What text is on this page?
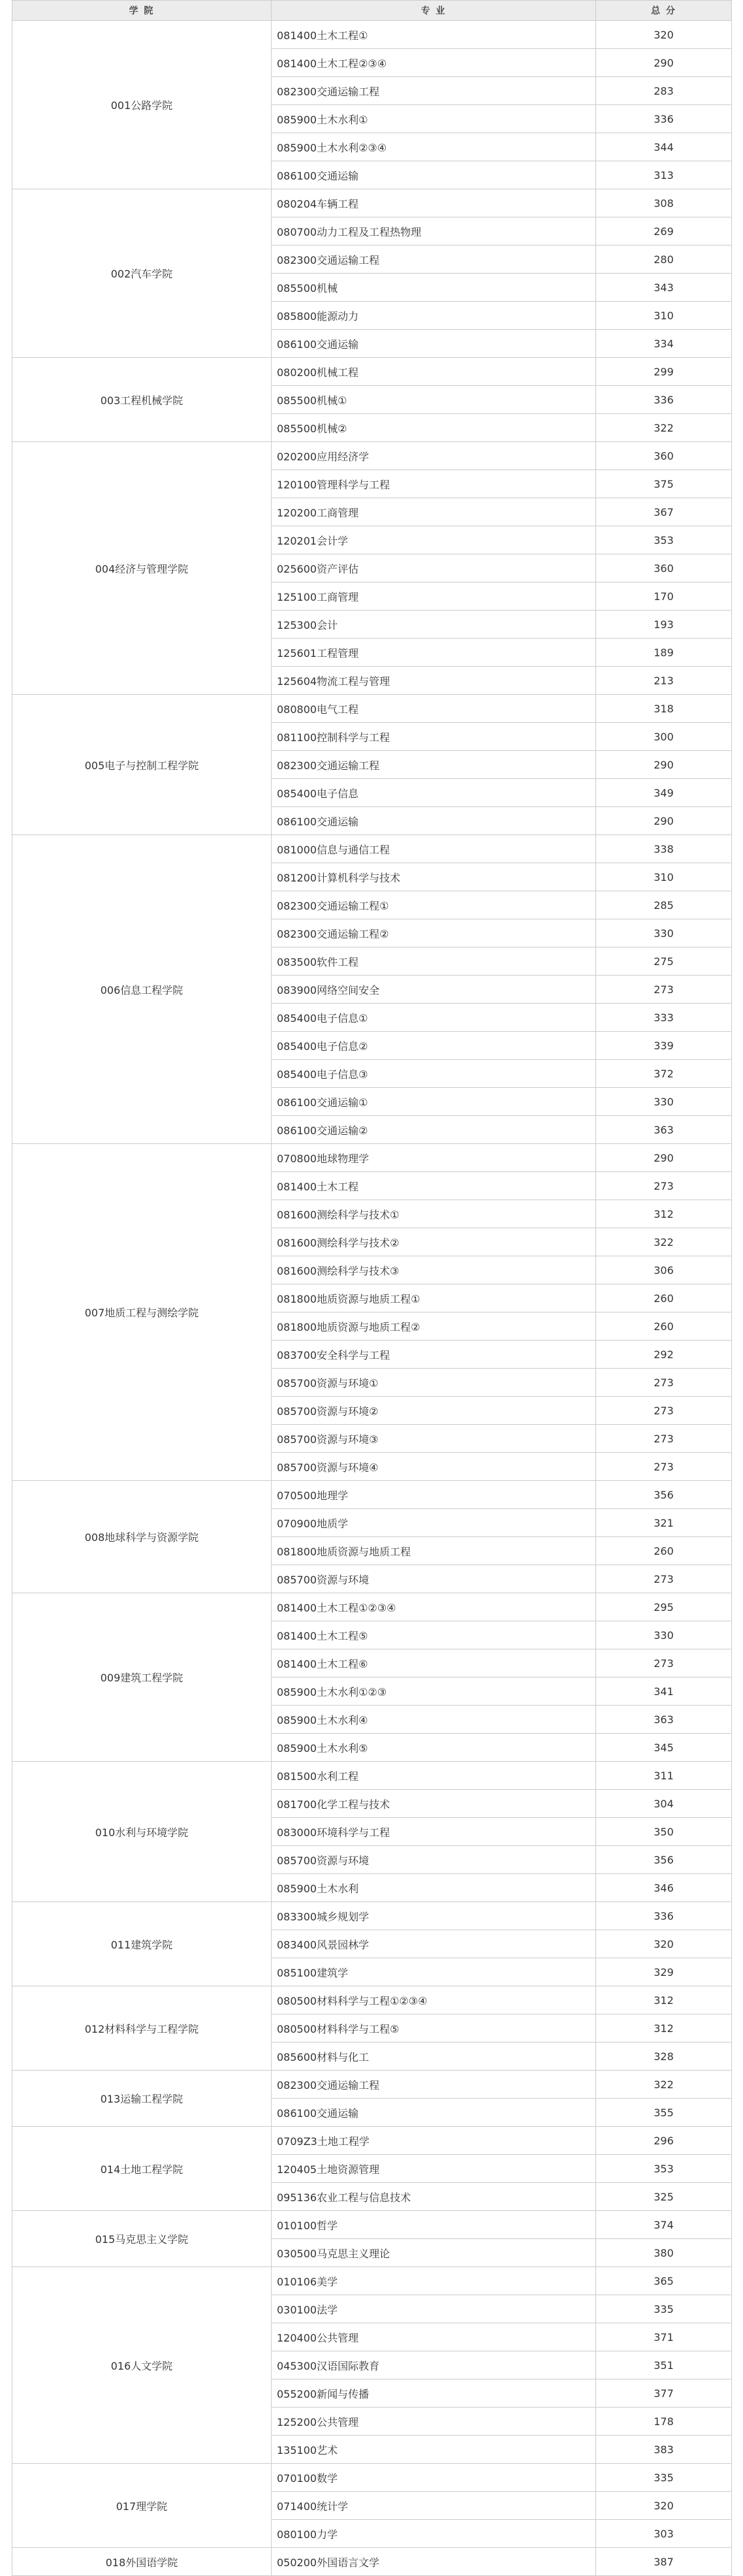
学 院	专 业	总 分
001公路学院	081400土木工程①	320
	081400土木工程②③④	290
	082300交通运输工程	283
	085900土木水利①	336
	085900土木水利②③④	344
	086100交通运输	313
002汽车学院	080204车辆工程	308
	080700动力工程及工程热物理	269
	082300交通运输工程	280
	085500机械	343
	085800能源动力	310
	086100交通运输	334
003工程机械学院	080200机械工程	299
	085500机械①	336
	085500机械②	322
004经济与管理学院	020200应用经济学	360
	120100管理科学与工程	375
	120200工商管理	367
	120201会计学	353
	025600资产评估	360
	125100工商管理	170
	125300会计	193
	125601工程管理	189
	125604物流工程与管理	213
005电子与控制工程学院	080800电气工程	318
	081100控制科学与工程	300
	082300交通运输工程	290
	085400电子信息	349
	086100交通运输	290
006信息工程学院	081000信息与通信工程	338
	081200计算机科学与技术	310
	082300交通运输工程①	285
	082300交通运输工程②	330
	083500软件工程	275
	083900网络空间安全	273
	085400电子信息①	333
	085400电子信息②	339
	085400电子信息③	372
	086100交通运输①	330
	086100交通运输②	363
007地质工程与测绘学院	070800地球物理学	290
	081400土木工程	273
	081600测绘科学与技术①	312
	081600测绘科学与技术②	322
	081600测绘科学与技术③	306
	081800地质资源与地质工程①	260
	081800地质资源与地质工程②	260
	083700安全科学与工程	292
	085700资源与环境①	273
	085700资源与环境②	273
	085700资源与环境③	273
	085700资源与环境④	273
008地球科学与资源学院	070500地理学	356
	070900地质学	321
	081800地质资源与地质工程	260
	085700资源与环境	273
009建筑工程学院	081400土木工程①②③④	295
	081400土木工程⑤	330
	081400土木工程⑥	273
	085900土木水利①②③	341
	085900土木水利④	363
	085900土木水利⑤	345
010水利与环境学院	081500水利工程	311
	081700化学工程与技术	304
	083000环境科学与工程	350
	085700资源与环境	356
	085900土木水利	346
011建筑学院	083300城乡规划学	336
	083400风景园林学	320
	085100建筑学	329
012材料科学与工程学院	080500材料科学与工程①②③④	312
	080500材料科学与工程⑤	312
	085600材料与化工	328
013运输工程学院	082300交通运输工程	322
	086100交通运输	355
014土地工程学院	0709Z3土地工程学	296
	120405土地资源管理	353
	095136农业工程与信息技术	325
015马克思主义学院	010100哲学	374
	030500马克思主义理论	380
016人文学院	010106美学	365
	030100法学	335
	120400公共管理	371
	045300汉语国际教育	351
	055200新闻与传播	377
	125200公共管理	178
	135100艺术	383
017理学院	070100数学	335
	071400统计学	320
	080100力学	303
018外国语学院	050200外国语言文学	387
